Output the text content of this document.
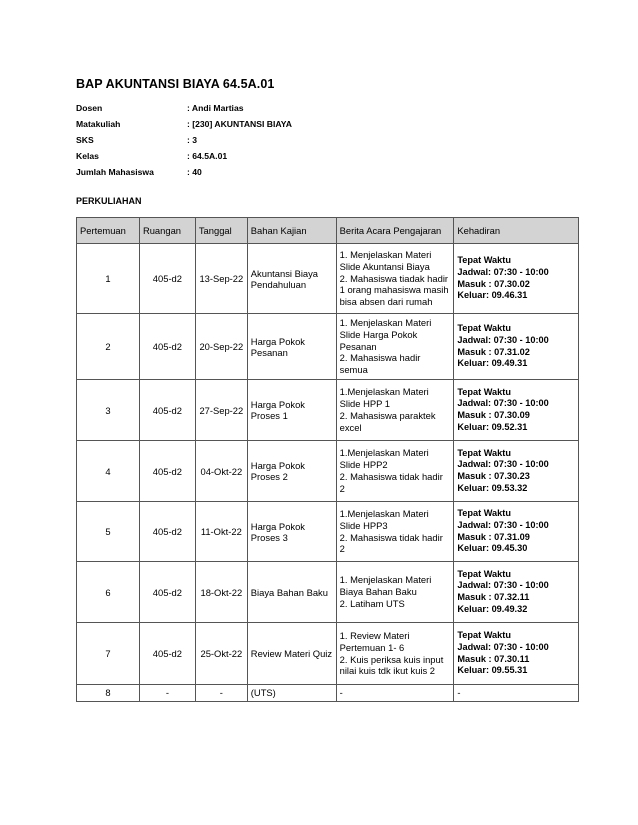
BAP AKUNTANSI BIAYA 64.5A.01
Dosen	: Andi Martias
Matakuliah	: [230] AKUNTANSI BIAYA
SKS	: 3
Kelas	: 64.5A.01
Jumlah Mahasiswa	: 40
PERKULIAHAN
Pertemuan	Ruangan	Tanggal	Bahan Kajian	Berita Acara Pengajaran	Kehadiran
1	405-d2	13-Sep-22	Akuntansi Biaya Pendahuluan	1. Menjelaskan Materi Slide Akuntansi Biaya
2. Mahasiswa tiadak hadir 1 orang mahasiswa masih bisa absen dari rumah	Tepat Waktu
Jadwal: 07:30 - 10:00
Masuk : 07.30.02
Keluar: 09.46.31

2	405-d2	20-Sep-22	Harga Pokok Pesanan	1. Menjelaskan Materi Slide Harga Pokok Pesanan
2. Mahasiswa hadir semua	Tepat Waktu
Jadwal: 07:30 - 10:00
Masuk : 07.31.02
Keluar: 09.49.31

3	405-d2	27-Sep-22	Harga Pokok Proses 1	1.Menjelaskan Materi Slide HPP 1
2. Mahasiswa paraktek excel	Tepat Waktu
Jadwal: 07:30 - 10:00
Masuk : 07.30.09
Keluar: 09.52.31

4	405-d2	04-Okt-22	Harga Pokok Proses 2	1.Menjelaskan Materi Slide HPP2
2. Mahasiswa tidak hadir 2	Tepat Waktu
Jadwal: 07:30 - 10:00
Masuk : 07.30.23
Keluar: 09.53.32

5	405-d2	11-Okt-22	Harga Pokok Proses 3	1.Menjelaskan Materi Slide HPP3
2. Mahasiswa tidak hadir 2	Tepat Waktu
Jadwal: 07:30 - 10:00
Masuk : 07.31.09
Keluar: 09.45.30

6	405-d2	18-Okt-22	Biaya Bahan Baku	1. Menjelaskan Materi Biaya Bahan Baku
2. Latiham UTS	Tepat Waktu
Jadwal: 07:30 - 10:00
Masuk : 07.32.11
Keluar: 09.49.32

7	405-d2	25-Okt-22	Review Materi Quiz	1. Review Materi Pertemuan 1- 6
2. Kuis periksa kuis input nilai kuis tdk ikut kuis 2	Tepat Waktu
Jadwal: 07:30 - 10:00
Masuk : 07.30.11
Keluar: 09.55.31

8	-	-	(UTS)	-	-
